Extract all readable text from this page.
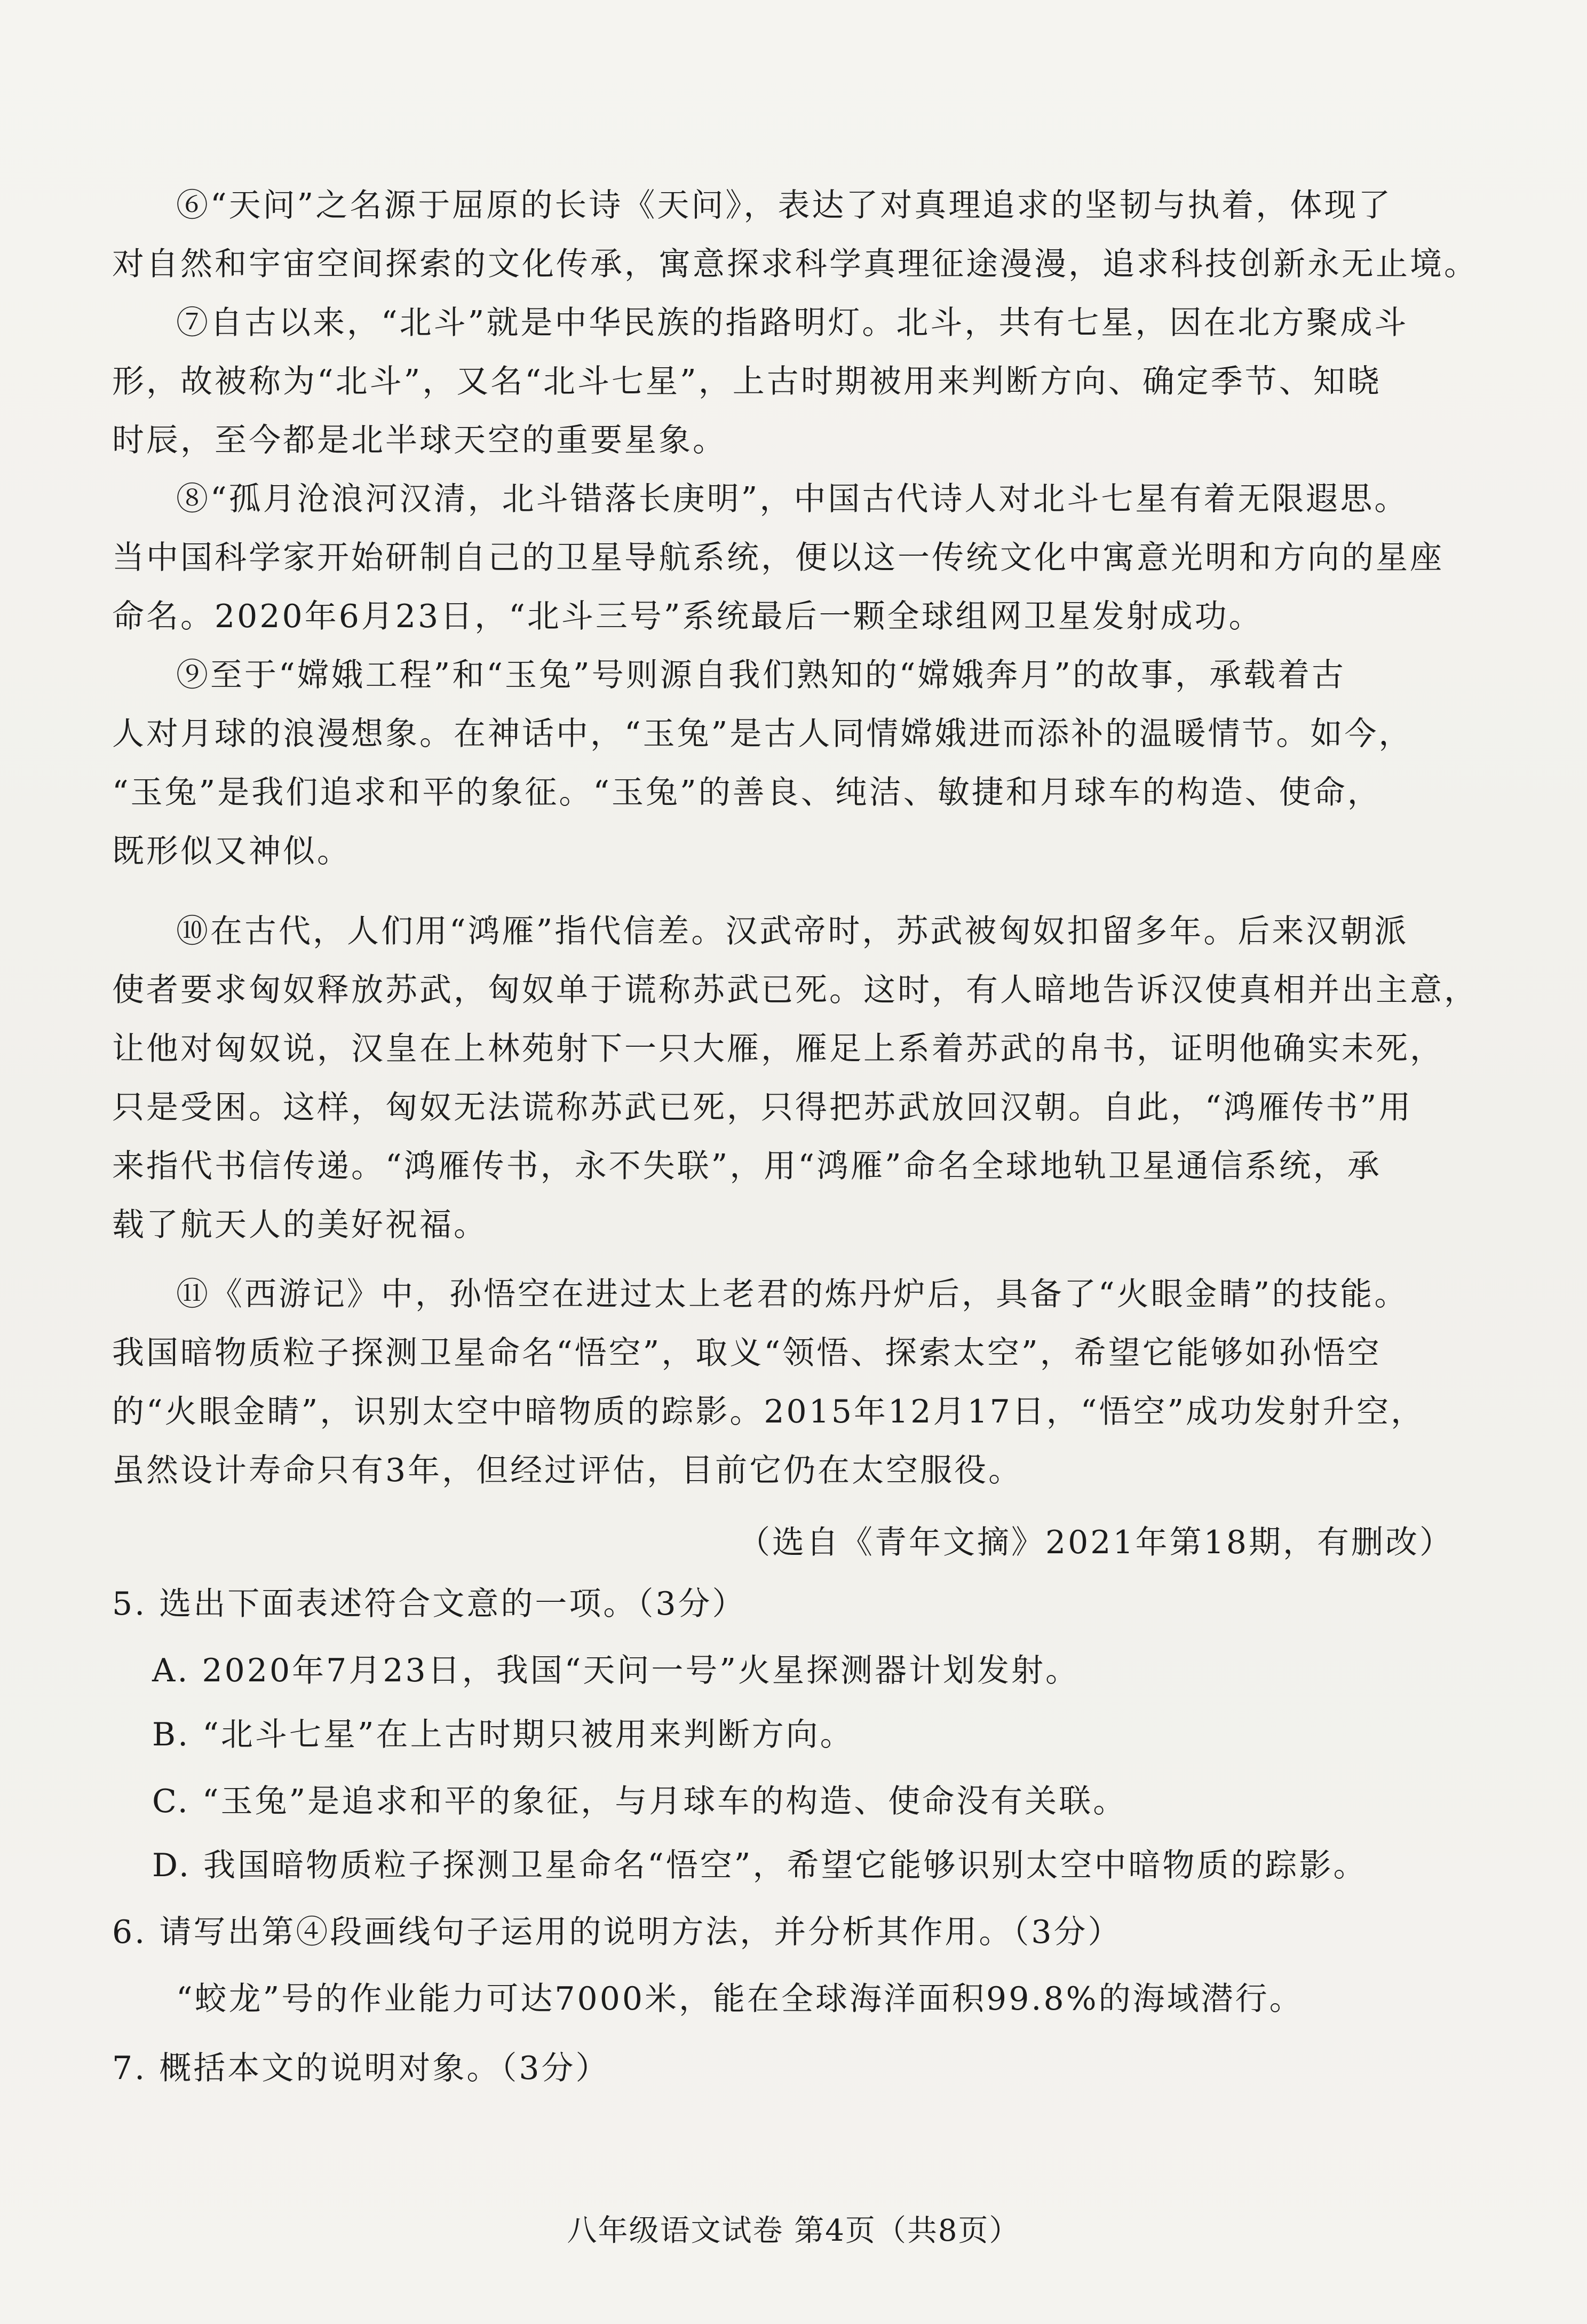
⑥“天问”之名源于屈原的长诗《天问》，表达了对真理追求的坚韧与执着，体现了
对自然和宇宙空间探索的文化传承，寓意探求科学真理征途漫漫，追求科技创新永无止境。
⑦自古以来，“北斗”就是中华民族的指路明灯。北斗，共有七星，因在北方聚成斗
形，故被称为“北斗”，又名“北斗七星”，上古时期被用来判断方向、确定季节、知晓
时辰，至今都是北半球天空的重要星象。
⑧“孤月沧浪河汉清，北斗错落长庚明”，中国古代诗人对北斗七星有着无限遐思。
当中国科学家开始研制自己的卫星导航系统，便以这一传统文化中寓意光明和方向的星座
命名。2020年6月23日，“北斗三号”系统最后一颗全球组网卫星发射成功。
⑨至于“嫦娥工程”和“玉兔”号则源自我们熟知的“嫦娥奔月”的故事，承载着古
人对月球的浪漫想象。在神话中，“玉兔”是古人同情嫦娥进而添补的温暖情节。如今，
“玉兔”是我们追求和平的象征。“玉兔”的善良、纯洁、敏捷和月球车的构造、使命，
既形似又神似。
⑩在古代，人们用“鸿雁”指代信差。汉武帝时，苏武被匈奴扣留多年。后来汉朝派
使者要求匈奴释放苏武，匈奴单于谎称苏武已死。这时，有人暗地告诉汉使真相并出主意，
让他对匈奴说，汉皇在上林苑射下一只大雁，雁足上系着苏武的帛书，证明他确实未死，
只是受困。这样，匈奴无法谎称苏武已死，只得把苏武放回汉朝。自此，“鸿雁传书”用
来指代书信传递。“鸿雁传书，永不失联”，用“鸿雁”命名全球地轨卫星通信系统，承
载了航天人的美好祝福。
⑪《西游记》中，孙悟空在进过太上老君的炼丹炉后，具备了“火眼金睛”的技能。
我国暗物质粒子探测卫星命名“悟空”，取义“领悟、探索太空”，希望它能够如孙悟空
的“火眼金睛”，识别太空中暗物质的踪影。2015年12月17日，“悟空”成功发射升空，
虽然设计寿命只有3年，但经过评估，目前它仍在太空服役。
（选自《青年文摘》2021年第18期，有删改）
5. 选出下面表述符合文意的一项。（3分）
A. 2020年7月23日，我国“天问一号”火星探测器计划发射。
B. “北斗七星”在上古时期只被用来判断方向。
C. “玉兔”是追求和平的象征，与月球车的构造、使命没有关联。
D. 我国暗物质粒子探测卫星命名“悟空”，希望它能够识别太空中暗物质的踪影。
6. 请写出第④段画线句子运用的说明方法，并分析其作用。（3分）
“蛟龙”号的作业能力可达7000米，能在全球海洋面积99.8%的海域潜行。
7. 概括本文的说明对象。（3分）
八年级语文试卷 第4页（共8页）
